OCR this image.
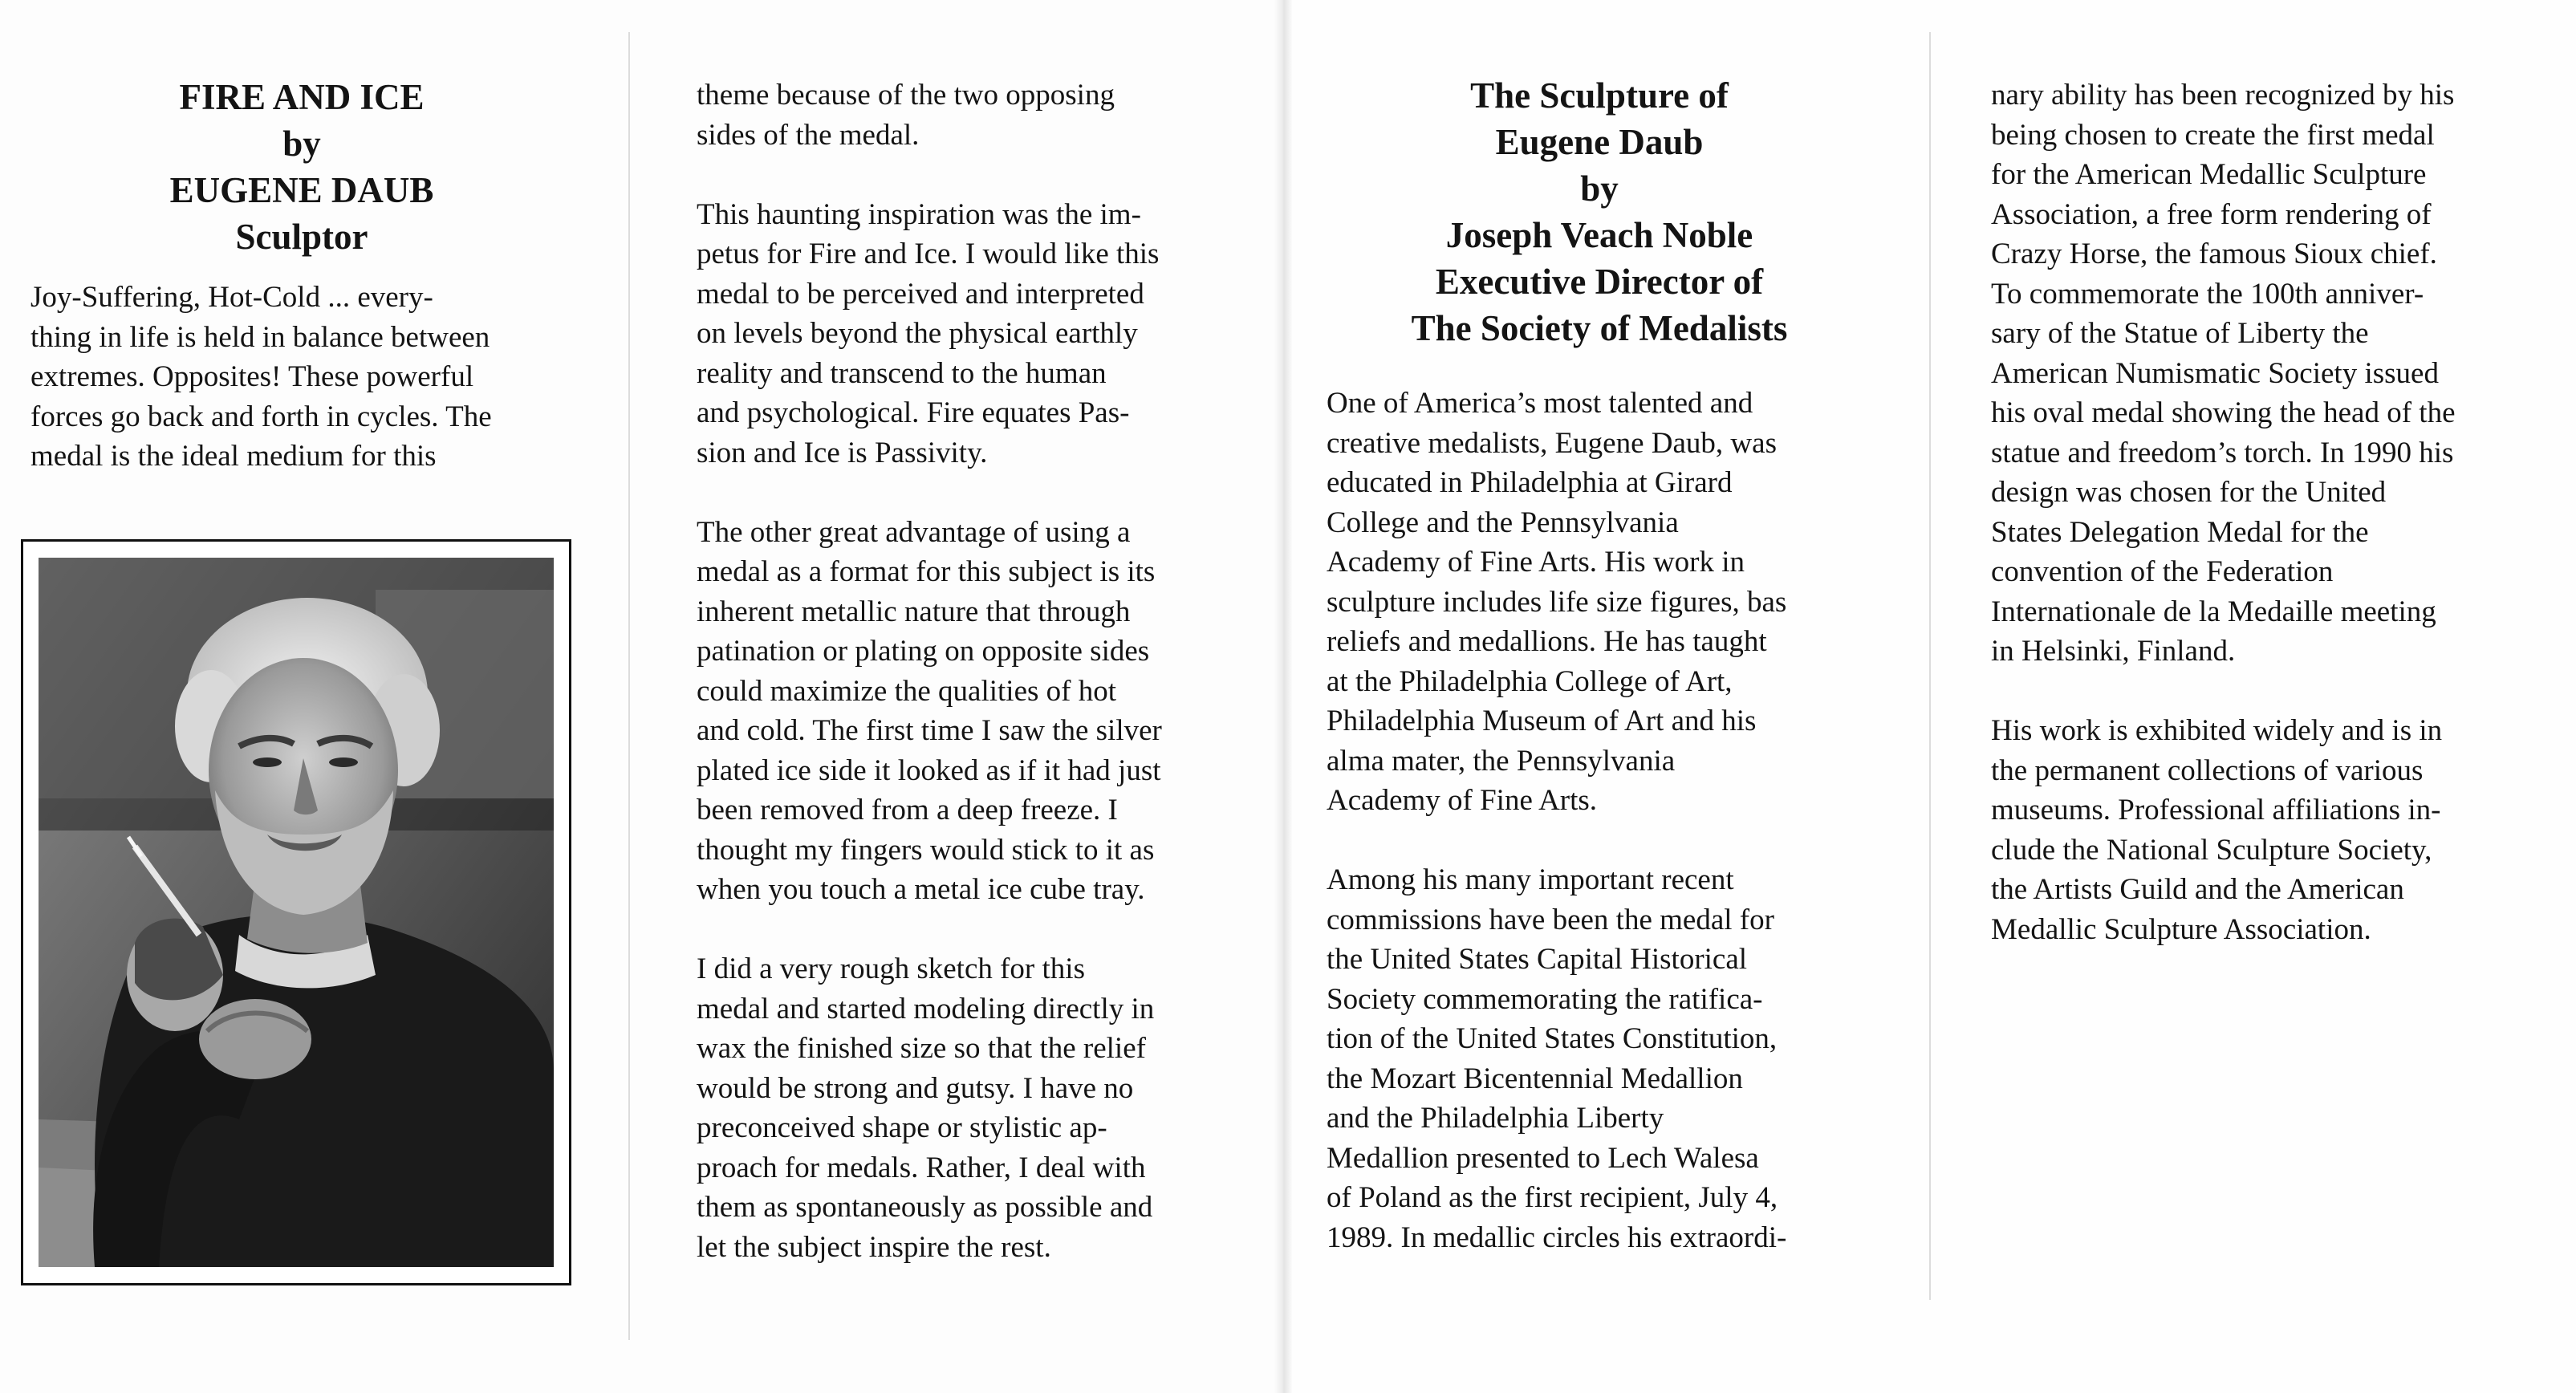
FIRE AND ICE
by
EUGENE DAUB
Sculptor

Joy-Suffering, Hot-Cold ... every-

thing in life is held in balance between

extremes. Opposites! These powerful

forces go back and forth in cycles. The

medal is the ideal medium for this

theme because of the two opposing

sides of the medal.

This haunting inspiration was the im-

petus for Fire and Ice. I would like this

medal to be perceived and interpreted

on levels beyond the physical earthly

reality and transcend to the human

and psychological. Fire equates Pas-

sion and Ice is Passivity.

The other great advantage of using a

medal as a format for this subject is its

inherent metallic nature that through

patination or plating on opposite sides

could maximize the qualities of hot

and cold. The first time I saw the silver

plated ice side it looked as if it had just

been removed from a deep freeze. I

thought my fingers would stick to it as

when you touch a metal ice cube tray.

I did a very rough sketch for this

medal and started modeling directly in

wax the finished size so that the relief

would be strong and gutsy. I have no

preconceived shape or stylistic ap-

proach for medals. Rather, I deal with

them as spontaneously as possible and

let the subject inspire the rest.

The Sculpture of
Eugene Daub
by
Joseph Veach Noble
Executive Director of
The Society of Medalists

One of America’s most talented and

creative medalists, Eugene Daub, was

educated in Philadelphia at Girard

College and the Pennsylvania

Academy of Fine Arts. His work in

sculpture includes life size figures, bas

reliefs and medallions. He has taught

at the Philadelphia College of Art,

Philadelphia Museum of Art and his

alma mater, the Pennsylvania

Academy of Fine Arts.

Among his many important recent

commissions have been the medal for

the United States Capital Historical

Society commemorating the ratifica-

tion of the United States Constitution,

the Mozart Bicentennial Medallion

and the Philadelphia Liberty

Medallion presented to Lech Walesa

of Poland as the first recipient, July 4,

1989. In medallic circles his extraordi-

nary ability has been recognized by his

being chosen to create the first medal

for the American Medallic Sculpture

Association, a free form rendering of

Crazy Horse, the famous Sioux chief.

To commemorate the 100th anniver-

sary of the Statue of Liberty the

American Numismatic Society issued

his oval medal showing the head of the

statue and freedom’s torch. In 1990 his

design was chosen for the United

States Delegation Medal for the

convention of the Federation

Internationale de la Medaille meeting

in Helsinki, Finland.

His work is exhibited widely and is in

the permanent collections of various

museums. Professional affiliations in-

clude the National Sculpture Society,

the Artists Guild and the American

Medallic Sculpture Association.
